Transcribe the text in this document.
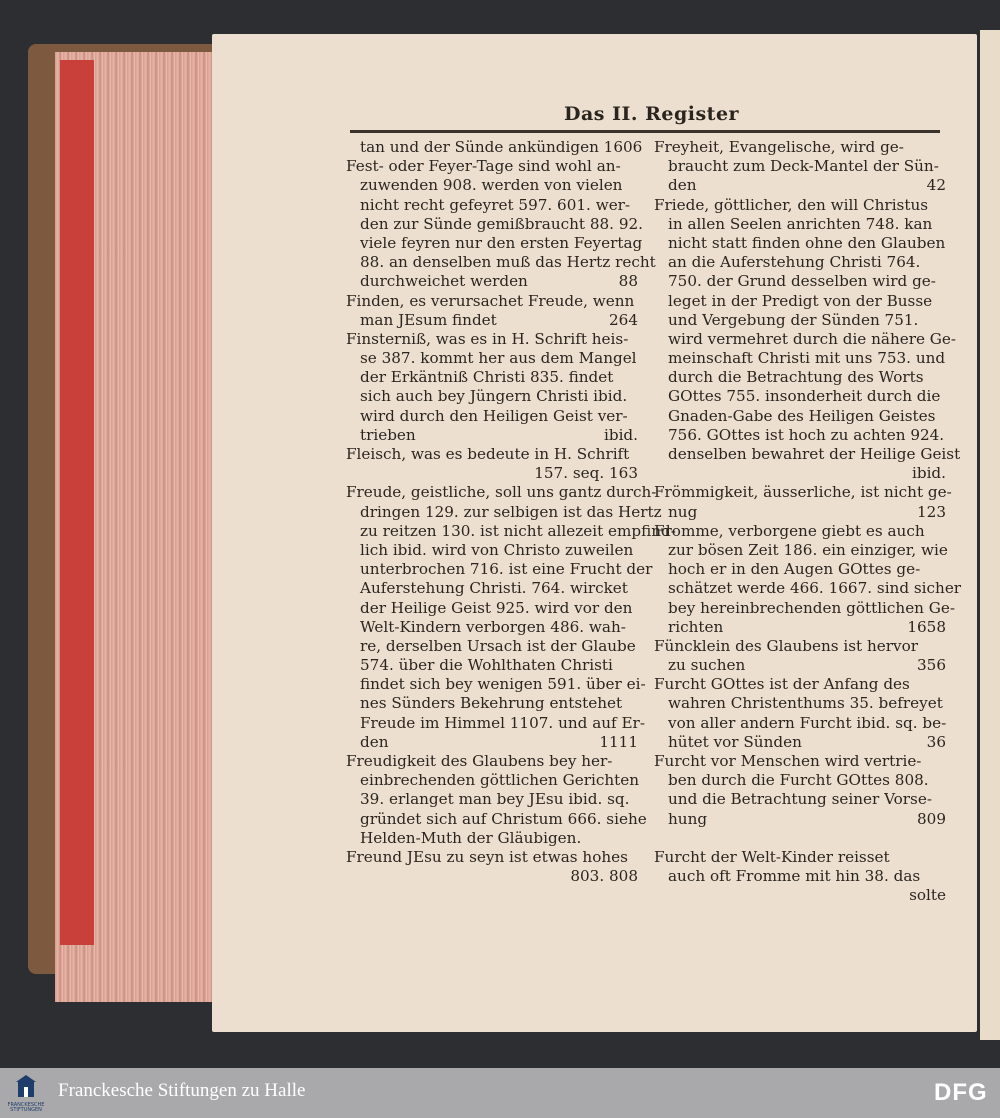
Das II. Register
tan und der Sünde ankündigen 1606
Fest- oder Feyer-Tage sind wohl an-
zuwenden 908. werden von vielen
nicht recht gefeyret 597. 601. wer-
den zur Sünde gemißbraucht 88. 92.
viele feyren nur den ersten Feyertag
88. an denselben muß das Hertz recht
88
durchweichet werden
Finden, es verursachet Freude, wenn
264
man JEsum findet
Finsterniß, was es in H. Schrift heis-
se 387. kommt her aus dem Mangel
der Erkäntniß Christi 835. findet
sich auch bey Jüngern Christi ibid.
wird durch den Heiligen Geist ver-
ibid.
trieben
Fleisch, was es bedeute in H. Schrift
157. seq. 163
Freude, geistliche, soll uns gantz durch-
dringen 129. zur selbigen ist das Hertz
zu reitzen 130. ist nicht allezeit empfind-
lich ibid. wird von Christo zuweilen
unterbrochen 716. ist eine Frucht der
Auferstehung Christi. 764. wircket
der Heilige Geist 925. wird vor den
Welt-Kindern verborgen 486. wah-
re, derselben Ursach ist der Glaube
574. über die Wohlthaten Christi
findet sich bey wenigen 591. über ei-
nes Sünders Bekehrung entstehet
Freude im Himmel 1107. und auf Er-
1111
den
Freudigkeit des Glaubens bey her-
einbrechenden göttlichen Gerichten
39. erlanget man bey JEsu ibid. sq.
gründet sich auf Christum 666. siehe
Helden-Muth der Gläubigen.
Freund JEsu zu seyn ist etwas hohes
803. 808
Freyheit, Evangelische, wird ge-
braucht zum Deck-Mantel der Sün-
42
den
Friede, göttlicher, den will Christus
in allen Seelen anrichten 748. kan
nicht statt finden ohne den Glauben
an die Auferstehung Christi 764.
750. der Grund desselben wird ge-
leget in der Predigt von der Busse
und Vergebung der Sünden 751.
wird vermehret durch die nähere Ge-
meinschaft Christi mit uns 753. und
durch die Betrachtung des Worts
GOttes 755. insonderheit durch die
Gnaden-Gabe des Heiligen Geistes
756. GOttes ist hoch zu achten 924.
denselben bewahret der Heilige Geist
ibid.
Frömmigkeit, äusserliche, ist nicht ge-
123
nug
Fromme, verborgene giebt es auch
zur bösen Zeit 186. ein einziger, wie
hoch er in den Augen GOttes ge-
schätzet werde 466. 1667. sind sicher
bey hereinbrechenden göttlichen Ge-
1658
richten
Füncklein des Glaubens ist hervor
356
zu suchen
Furcht GOttes ist der Anfang des
wahren Christenthums 35. befreyet
von aller andern Furcht ibid. sq. be-
36
hütet vor Sünden
Furcht vor Menschen wird vertrie-
ben durch die Furcht GOttes 808.
und die Betrachtung seiner Vorse-
809
hung
Furcht der Welt-Kinder reisset
auch oft Fromme mit hin 38. das
solte
FRANCKESCHE STIFTUNGEN
Franckesche Stiftungen zu Halle	DFG
